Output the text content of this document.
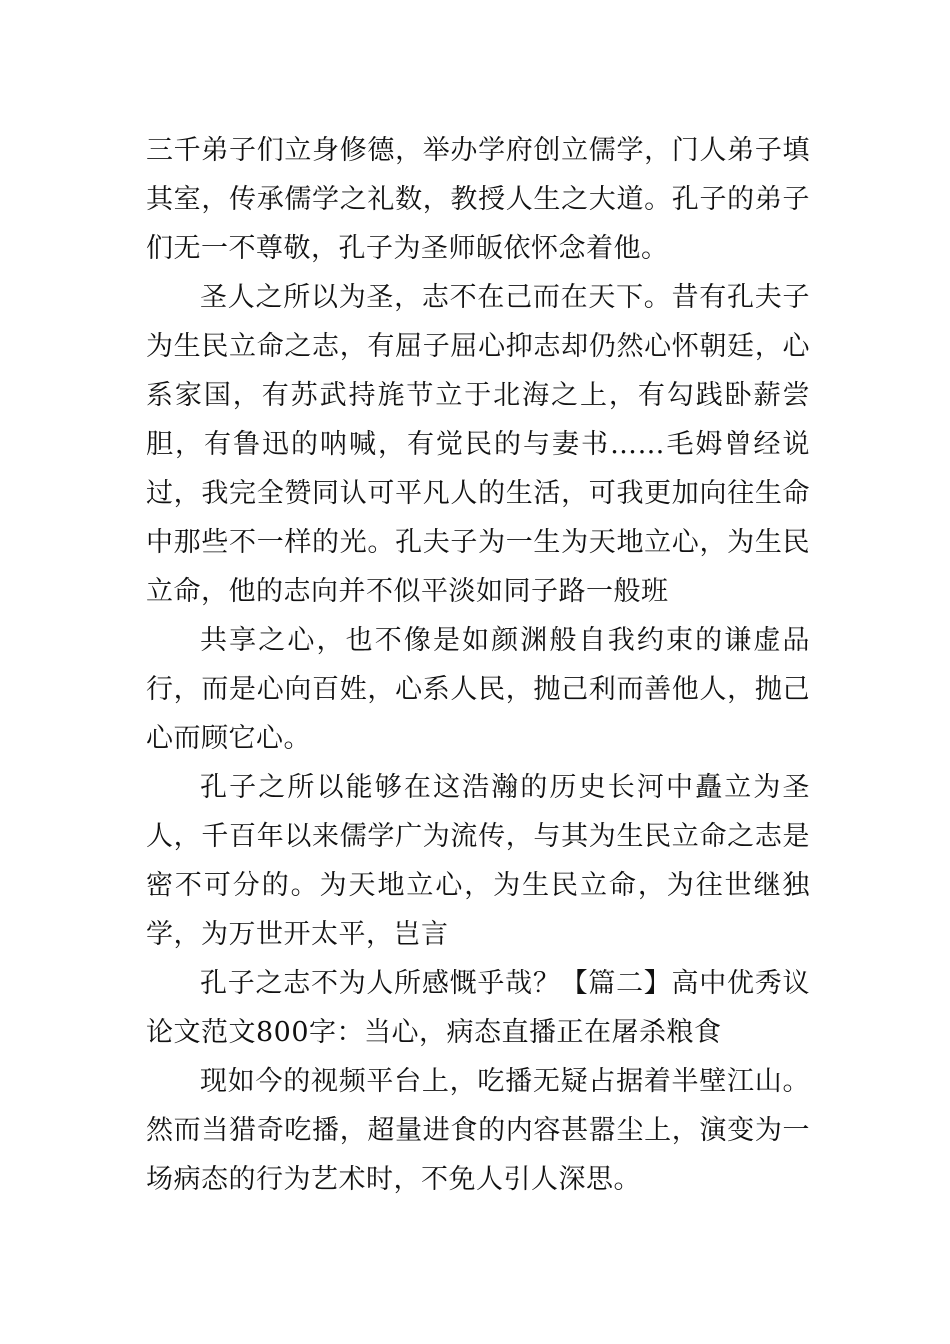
三千弟子们立身修德，举办学府创立儒学，门人弟子填其室，传承儒学之礼数，教授人生之大道。孔子的弟子们无一不尊敬，孔子为圣师皈依怀念着他。

圣人之所以为圣，志不在己而在天下。昔有孔夫子为生民立命之志，有屈子屈心抑志却仍然心怀朝廷，心系家国，有苏武持旄节立于北海之上，有勾践卧薪尝胆，有鲁迅的呐喊，有觉民的与妻书……毛姆曾经说过，我完全赞同认可平凡人的生活，可我更加向往生命中那些不一样的光。孔夫子为一生为天地立心，为生民立命，他的志向并不似平淡如同子路一般班

共享之心，也不像是如颜渊般自我约束的谦虚品行，而是心向百姓，心系人民，抛己利而善他人，抛己心而顾它心。

孔子之所以能够在这浩瀚的历史长河中矗立为圣人，千百年以来儒学广为流传，与其为生民立命之志是密不可分的。为天地立心，为生民立命，为往世继独学，为万世开太平，岂言

孔子之志不为人所感慨乎哉？【篇二】高中优秀议论文范文800字：当心，病态直播正在屠杀粮食

现如今的视频平台上，吃播无疑占据着半壁江山。然而当猎奇吃播，超量进食的内容甚嚣尘上，演变为一场病态的行为艺术时，不免人引人深思。
